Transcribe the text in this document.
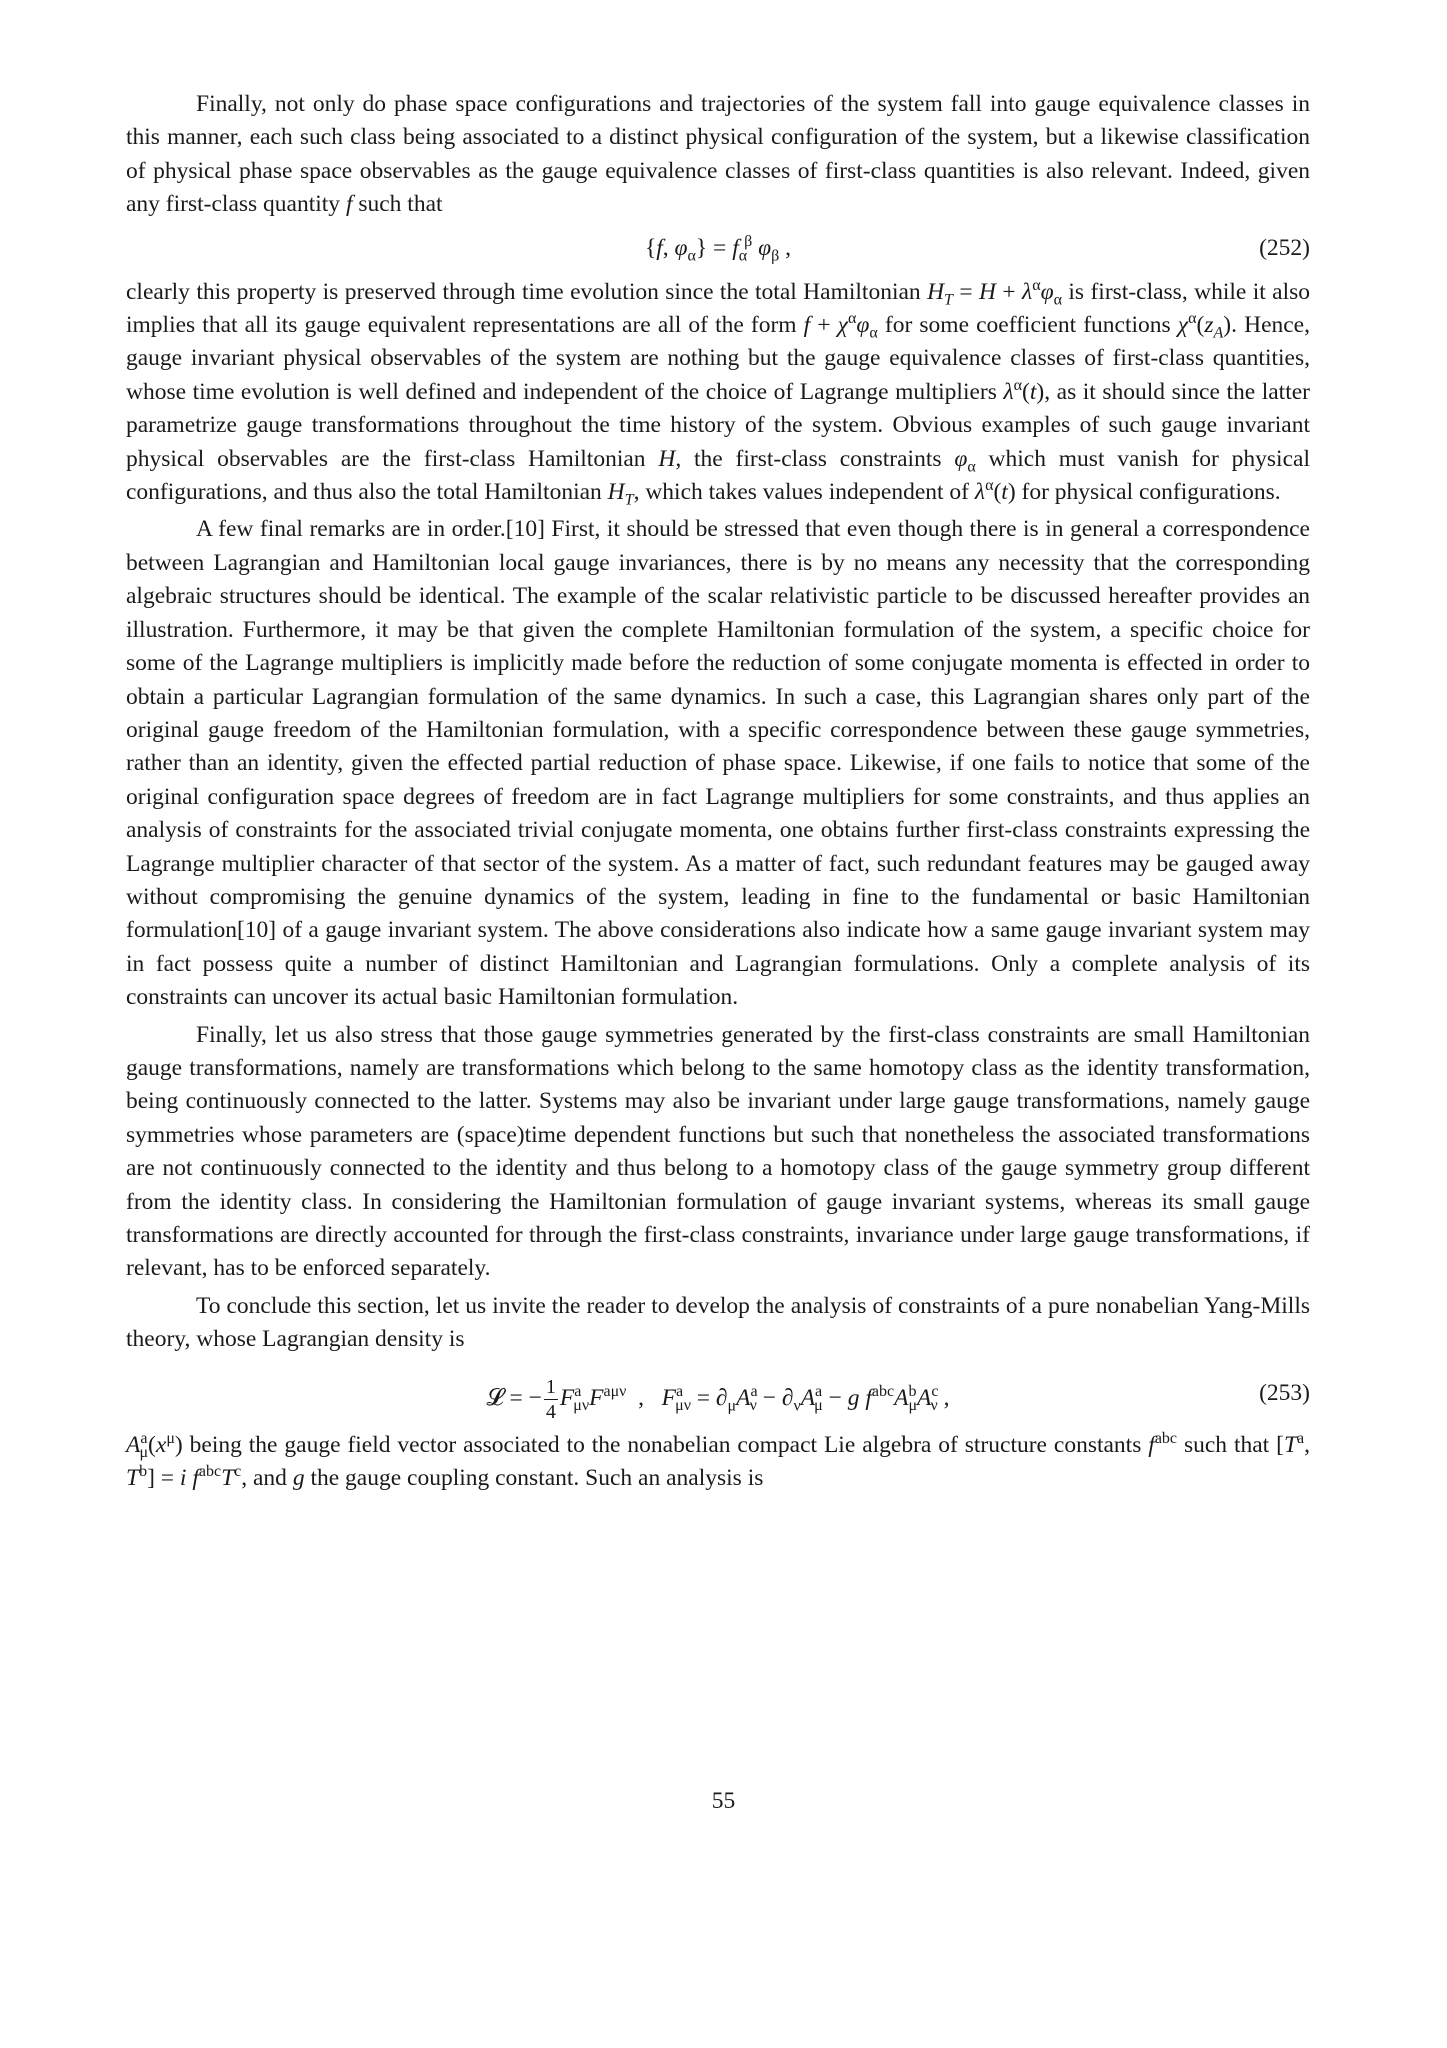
Finally, not only do phase space configurations and trajectories of the system fall into gauge equivalence classes in this manner, each such class being associated to a distinct physical configuration of the system, but a likewise classification of physical phase space observables as the gauge equivalence classes of first-class quantities is also relevant. Indeed, given any first-class quantity f such that

{f, $\varphi_\alpha\} = f_\alpha^\beta$ $\varphi_\beta$ ,	(252)

clearly this property is preserved through time evolution since the total Hamiltonian $H_T = H + \lambda^\alpha\varphi_\alpha$ is first-class, while it also implies that all its gauge equivalent representations are all of the form $f + \chi^\alpha\varphi_\alpha$ for some coefficient functions $\chi^\alpha(z_A)$. Hence, gauge invariant physical observables of the system are nothing but the gauge equivalence classes of first-class quantities, whose time evolution is well defined and independent of the choice of Lagrange multipliers $\lambda^\alpha(t)$, as it should since the latter parametrize gauge transformations throughout the time history of the system. Obvious examples of such gauge invariant physical observables are the first-class Hamiltonian H, the first-class constraints $\varphi_\alpha$ which must vanish for physical configurations, and thus also the total Hamiltonian $H_T$, which takes values independent of $\lambda^\alpha(t)$ for physical configurations.

A few final remarks are in order.[10] First, it should be stressed that even though there is in general a correspondence between Lagrangian and Hamiltonian local gauge invariances, there is by no means any necessity that the corresponding algebraic structures should be identical. The example of the scalar relativistic particle to be discussed hereafter provides an illustration. Furthermore, it may be that given the complete Hamiltonian formulation of the system, a specific choice for some of the Lagrange multipliers is implicitly made before the reduction of some conjugate momenta is effected in order to obtain a particular Lagrangian formulation of the same dynamics. In such a case, this Lagrangian shares only part of the original gauge freedom of the Hamiltonian formulation, with a specific correspondence between these gauge symmetries, rather than an identity, given the effected partial reduction of phase space. Likewise, if one fails to notice that some of the original configuration space degrees of freedom are in fact Lagrange multipliers for some constraints, and thus applies an analysis of constraints for the associated trivial conjugate momenta, one obtains further first-class constraints expressing the Lagrange multiplier character of that sector of the system. As a matter of fact, such redundant features may be gauged away without compromising the genuine dynamics of the system, leading in fine to the fundamental or basic Hamiltonian formulation[10] of a gauge invariant system. The above considerations also indicate how a same gauge invariant system may in fact possess quite a number of distinct Hamiltonian and Lagrangian formulations. Only a complete analysis of its constraints can uncover its actual basic Hamiltonian formulation.

Finally, let us also stress that those gauge symmetries generated by the first-class constraints are small Hamiltonian gauge transformations, namely are transformations which belong to the same homotopy class as the identity transformation, being continuously connected to the latter. Systems may also be invariant under large gauge transformations, namely gauge symmetries whose parameters are (space)time dependent functions but such that nonetheless the associated transformations are not continuously connected to the identity and thus belong to a homotopy class of the gauge symmetry group different from the identity class. In considering the Hamiltonian formulation of gauge invariant systems, whereas its small gauge transformations are directly accounted for through the first-class constraints, invariance under large gauge transformations, if relevant, has to be enforced separately.

To conclude this section, let us invite the reader to develop the analysis of constraints of a pure nonabelian Yang-Mills theory, whose Lagrangian density is

𝓛 = − $\frac{1}{4} F^a_{\mu\nu}F^{a\mu\nu}$  ,   $F^a_{\mu\nu} = \partial_\mu A^a_\nu - \partial_\nu A^a_\mu - g$ $f^{abc}A^b_\mu A^c_\nu$ ,	(253)

$A^a_\mu(x^\mu)$ being the gauge field vector associated to the nonabelian compact Lie algebra of structure constants $f^{abc}$ such that [$T^a$, $T^b] = i$ $f^{abc}T^c$, and g the gauge coupling constant. Such an analysis is

55
